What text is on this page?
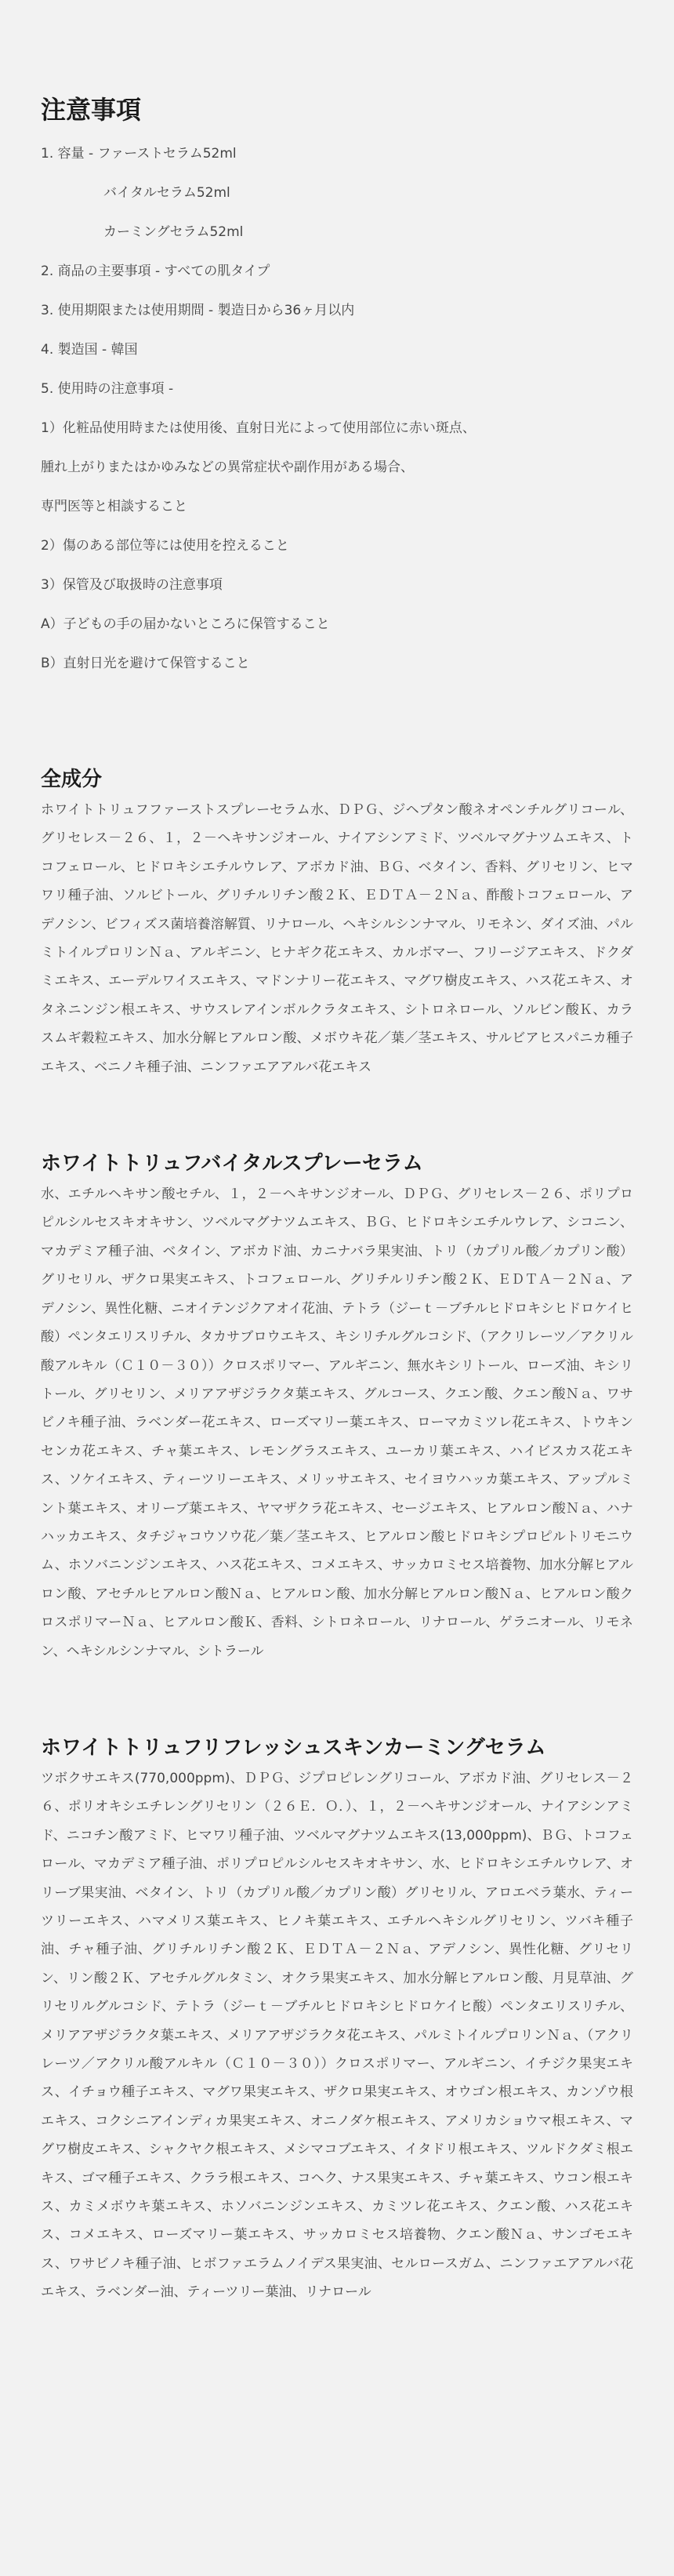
注意事項

1. 容量 - ファーストセラム52ml

バイタルセラム52ml

カーミングセラム52ml

2. 商品の主要事項 - すべての肌タイプ

3. 使用期限または使用期間 - 製造日から36ヶ月以内

4. 製造国 - 韓国

5. 使用時の注意事項 -

1）化粧品使用時または使用後、直射日光によって使用部位に赤い斑点、

腫れ上がりまたはかゆみなどの異常症状や副作用がある場合、

専門医等と相談すること

2）傷のある部位等には使用を控えること

3）保管及び取扱時の注意事項

A）子どもの手の届かないところに保管すること

B）直射日光を避けて保管すること

全成分

ホワイトトリュフファーストスプレーセラム水、ＤＰＧ、ジヘプタン酸ネオペンチルグリコール、グリセレス－２６、１，２－ヘキサンジオール、ナイアシンアミド、ツベルマグナツムエキス、トコフェロール、ヒドロキシエチルウレア、アボカド油、ＢＧ、ベタイン、香料、グリセリン、ヒマワリ種子油、ソルビトール、グリチルリチン酸２Ｋ、ＥＤＴＡ－２Ｎａ、酢酸トコフェロール、アデノシン、ビフィズス菌培養溶解質、リナロール、ヘキシルシンナマル、リモネン、ダイズ油、パルミトイルプロリンＮａ、アルギニン、ヒナギク花エキス、カルボマー、フリージアエキス、ドクダミエキス、エーデルワイスエキス、マドンナリー花エキス、マグワ樹皮エキス、ハス花エキス、オタネニンジン根エキス、サウスレアインボルクラタエキス、シトロネロール、ソルビン酸Ｋ、カラスムギ穀粒エキス、加水分解ヒアルロン酸、メボウキ花／葉／茎エキス、サルビアヒスパニカ種子エキス、ベニノキ種子油、ニンファエアアルバ花エキス

ホワイトトリュフバイタルスプレーセラム

水、エチルヘキサン酸セチル、１，２－ヘキサンジオール、ＤＰＧ、グリセレス－２６、ポリプロピルシルセスキオキサン、ツベルマグナツムエキス、ＢＧ、ヒドロキシエチルウレア、シコニン、マカデミア種子油、ベタイン、アボカド油、カニナバラ果実油、トリ（カプリル酸／カプリン酸）グリセリル、ザクロ果実エキス、トコフェロール、グリチルリチン酸２Ｋ、ＥＤＴＡ－２Ｎａ、アデノシン、異性化糖、ニオイテンジクアオイ花油、テトラ（ジーｔ－ブチルヒドロキシヒドロケイヒ酸）ペンタエリスリチル、タカサブロウエキス、キシリチルグルコシド、（アクリレーツ／アクリル酸アルキル（Ｃ１０－３０））クロスポリマー、アルギニン、無水キシリトール、ローズ油、キシリトール、グリセリン、メリアアザジラクタ葉エキス、グルコース、クエン酸、クエン酸Ｎａ、ワサビノキ種子油、ラベンダー花エキス、ローズマリー葉エキス、ローマカミツレ花エキス、トウキンセンカ花エキス、チャ葉エキス、レモングラスエキス、ユーカリ葉エキス、ハイビスカス花エキス、ソケイエキス、ティーツリーエキス、メリッサエキス、セイヨウハッカ葉エキス、アップルミント葉エキス、オリーブ葉エキス、ヤマザクラ花エキス、セージエキス、ヒアルロン酸Ｎａ、ハナハッカエキス、タチジャコウソウ花／葉／茎エキス、ヒアルロン酸ヒドロキシプロピルトリモニウム、ホソバニンジンエキス、ハス花エキス、コメエキス、サッカロミセス培養物、加水分解ヒアルロン酸、アセチルヒアルロン酸Ｎａ、ヒアルロン酸、加水分解ヒアルロン酸Ｎａ、ヒアルロン酸クロスポリマーＮａ、ヒアルロン酸Ｋ、香料、シトロネロール、リナロール、ゲラニオール、リモネン、ヘキシルシンナマル、シトラール

ホワイトトリュフリフレッシュスキンカーミングセラム

ツボクサエキス(770,000ppm)、ＤＰＧ、ジプロピレングリコール、アボカド油、グリセレス－２６、ポリオキシエチレングリセリン（２６Ｅ．Ｏ．）、１，２－ヘキサンジオール、ナイアシンアミド、ニコチン酸アミド、ヒマワリ種子油、ツベルマグナツムエキス(13,000ppm)、ＢＧ、トコフェロール、マカデミア種子油、ポリプロピルシルセスキオキサン、水、ヒドロキシエチルウレア、オリーブ果実油、ベタイン、トリ（カプリル酸／カプリン酸）グリセリル、アロエベラ葉水、ティーツリーエキス、ハマメリス葉エキス、ヒノキ葉エキス、エチルヘキシルグリセリン、ツバキ種子油、チャ種子油、グリチルリチン酸２Ｋ、ＥＤＴＡ－２Ｎａ、アデノシン、異性化糖、グリセリン、リン酸２Ｋ、アセチルグルタミン、オクラ果実エキス、加水分解ヒアルロン酸、月見草油、グリセリルグルコシド、テトラ（ジーｔ－ブチルヒドロキシヒドロケイヒ酸）ペンタエリスリチル、メリアアザジラクタ葉エキス、メリアアザジラクタ花エキス、パルミトイルプロリンＮａ、（アクリレーツ／アクリル酸アルキル（Ｃ１０－３０））クロスポリマー、アルギニン、イチジク果実エキス、イチョウ種子エキス、マグワ果実エキス、ザクロ果実エキス、オウゴン根エキス、カンゾウ根エキス、コクシニアインディカ果実エキス、オニノダケ根エキス、アメリカショウマ根エキス、マグワ樹皮エキス、シャクヤク根エキス、メシマコブエキス、イタドリ根エキス、ツルドクダミ根エキス、ゴマ種子エキス、クララ根エキス、コヘク、ナス果実エキス、チャ葉エキス、ウコン根エキス、カミメボウキ葉エキス、ホソバニンジンエキス、カミツレ花エキス、クエン酸、ハス花エキス、コメエキス、ローズマリー葉エキス、サッカロミセス培養物、クエン酸Ｎａ、サンゴモエキス、ワサビノキ種子油、ヒボファエラムノイデス果実油、セルロースガム、ニンファエアアルバ花エキス、ラベンダー油、ティーツリー葉油、リナロール
